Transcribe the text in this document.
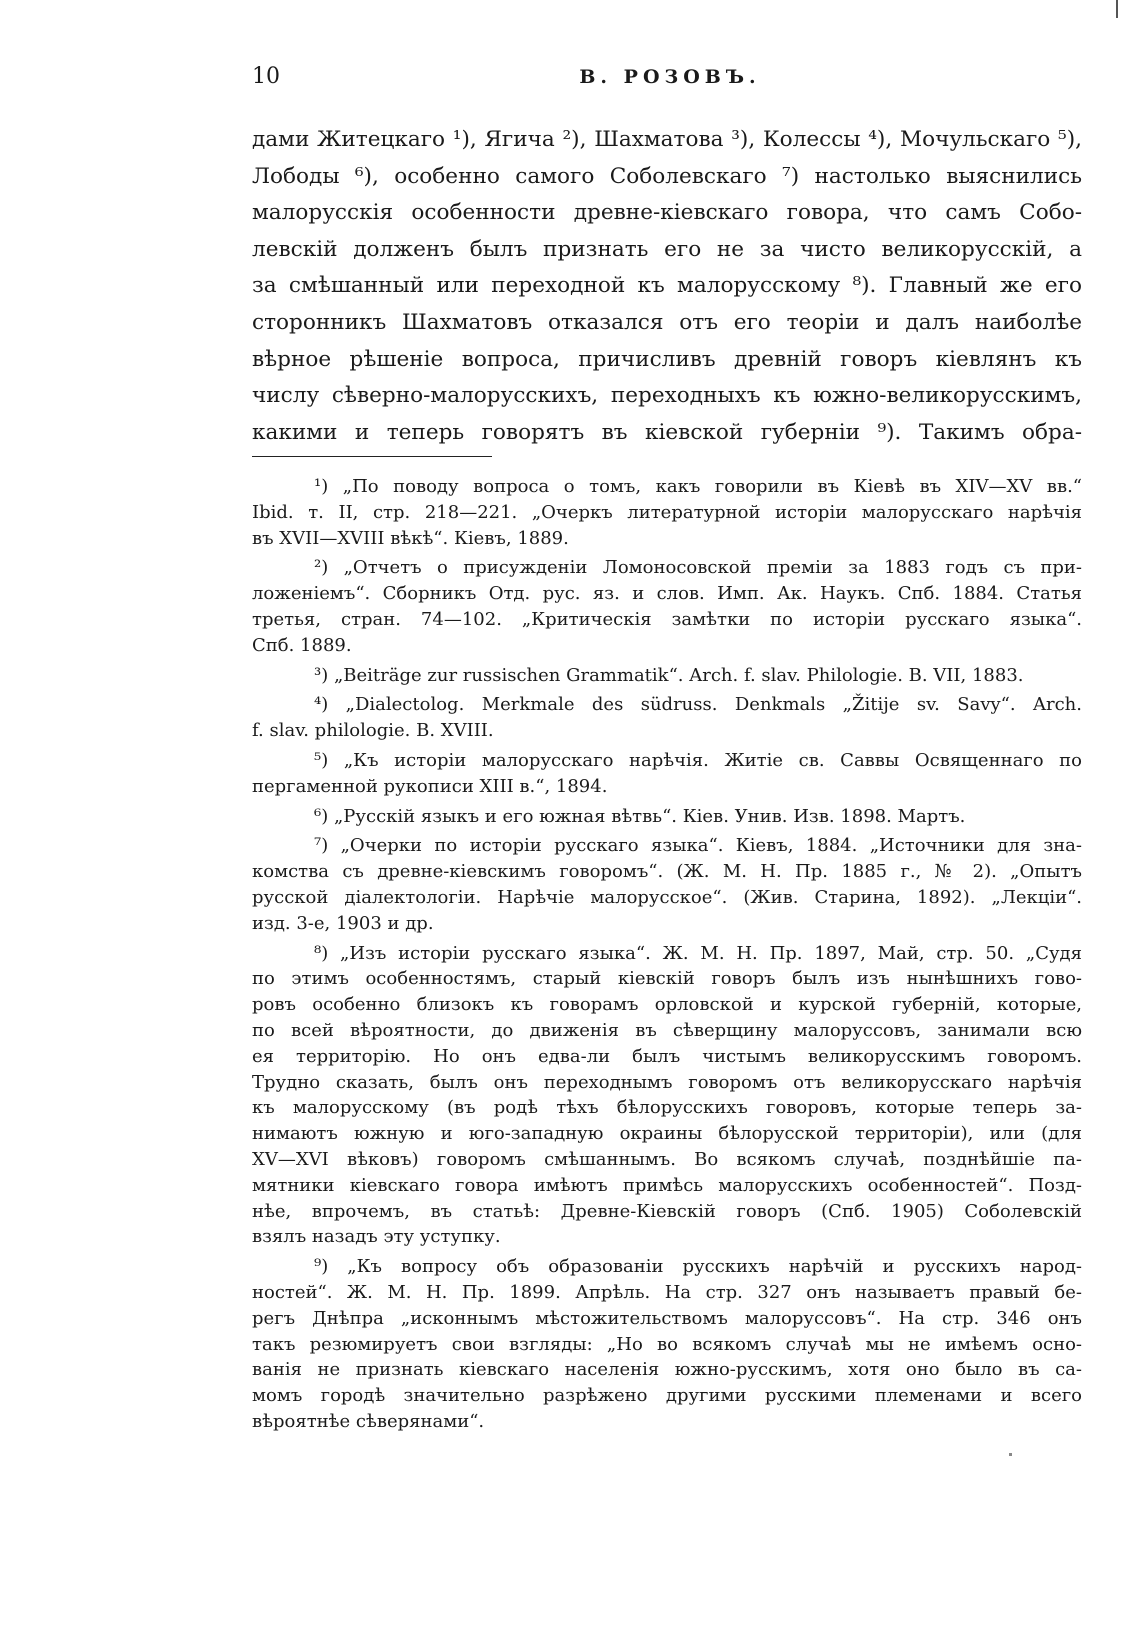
10	В. РОЗОВЪ.
дами Житецкаго ¹), Ягича ²), Шахматова ³), Колессы ⁴), Мочульскаго ⁵),
Лободы ⁶), особенно самого Соболевскаго ⁷) настолько выяснились
малорусскія особенности древне-кіевскаго говора, что самъ Собо-
левскій долженъ былъ признать его не за чисто великорусскій, а
за смѣшанный или переходной къ малорусскому ⁸). Главный же его
сторонникъ Шахматовъ отказался отъ его теоріи и далъ наиболѣе
вѣрное рѣшеніе вопроса, причисливъ древній говоръ кіевлянъ къ
числу сѣверно-малорусскихъ, переходныхъ къ южно-великорусскимъ,
какими и теперь говорятъ въ кіевской губерніи ⁹). Такимъ обра-
¹) „По поводу вопроса о томъ, какъ говорили въ Кіевѣ въ XIV—XV вв.“
Ibid. т. II, стр. 218—221. „Очеркъ литературной исторіи малорусскаго нарѣчія
въ XVII—XVIII вѣкѣ“. Кіевъ, 1889.
²) „Отчетъ о присужденіи Ломоносовской преміи за 1883 годъ съ при-
ложеніемъ“. Сборникъ Отд. рус. яз. и слов. Имп. Ак. Наукъ. Спб. 1884. Статья
третья, стран. 74—102. „Критическія замѣтки по исторіи русскаго языка“.
Спб. 1889.
³) „Beiträge zur russischen Grammatik“. Arch. f. slav. Philologie. B. VII, 1883.
⁴) „Dialectolog. Merkmale des südruss. Denkmals „Žitije sv. Savy“. Arch.
f. slav. philologie. B. XVIII.
⁵) „Къ исторіи малорусскаго нарѣчія. Житіе св. Саввы Освященнаго по
пергаменной рукописи XIII в.“, 1894.
⁶) „Русскій языкъ и его южная вѣтвь“. Кіев. Унив. Изв. 1898. Мартъ.
⁷) „Очерки по исторіи русскаго языка“. Кіевъ, 1884. „Источники для зна-
комства съ древне-кіевскимъ говоромъ“. (Ж. М. Н. Пр. 1885 г., № 2). „Опытъ
русской діалектологіи. Нарѣчіе малорусское“. (Жив. Старина, 1892). „Лекціи“.
изд. 3-е, 1903 и др.
⁸) „Изъ исторіи русскаго языка“. Ж. М. Н. Пр. 1897, Май, стр. 50. „Судя
по этимъ особенностямъ, старый кіевскій говоръ былъ изъ нынѣшнихъ гово-
ровъ особенно близокъ къ говорамъ орловской и курской губерній, которые,
по всей вѣроятности, до движенія въ сѣверщину малоруссовъ, занимали всю
ея территорію. Но онъ едва-ли былъ чистымъ великорусскимъ говоромъ.
Трудно сказать, былъ онъ переходнымъ говоромъ отъ великорусскаго нарѣчія
къ малорусскому (въ родѣ тѣхъ бѣлорусскихъ говоровъ, которые теперь за-
нимаютъ южную и юго-западную окраины бѣлорусской территоріи), или (для
XV—XVI вѣковъ) говоромъ смѣшаннымъ. Во всякомъ случаѣ, позднѣйшіе па-
мятники кіевскаго говора имѣютъ примѣсь малорусскихъ особенностей“. Позд-
нѣе, впрочемъ, въ статьѣ: Древне-Кіевскій говоръ (Спб. 1905) Соболевскій
взялъ назадъ эту уступку.
⁹) „Къ вопросу объ образованіи русскихъ нарѣчій и русскихъ народ-
ностей“. Ж. М. Н. Пр. 1899. Апрѣль. На стр. 327 онъ называетъ правый бе-
регъ Днѣпра „исконнымъ мѣстожительствомъ малоруссовъ“. На стр. 346 онъ
такъ резюмируетъ свои взгляды: „Но во всякомъ случаѣ мы не имѣемъ осно-
ванія не признать кіевскаго населенія южно-русскимъ, хотя оно было въ са-
момъ городѣ значительно разрѣжено другими русскими племенами и всего
вѣроятнѣе сѣверянами“.
